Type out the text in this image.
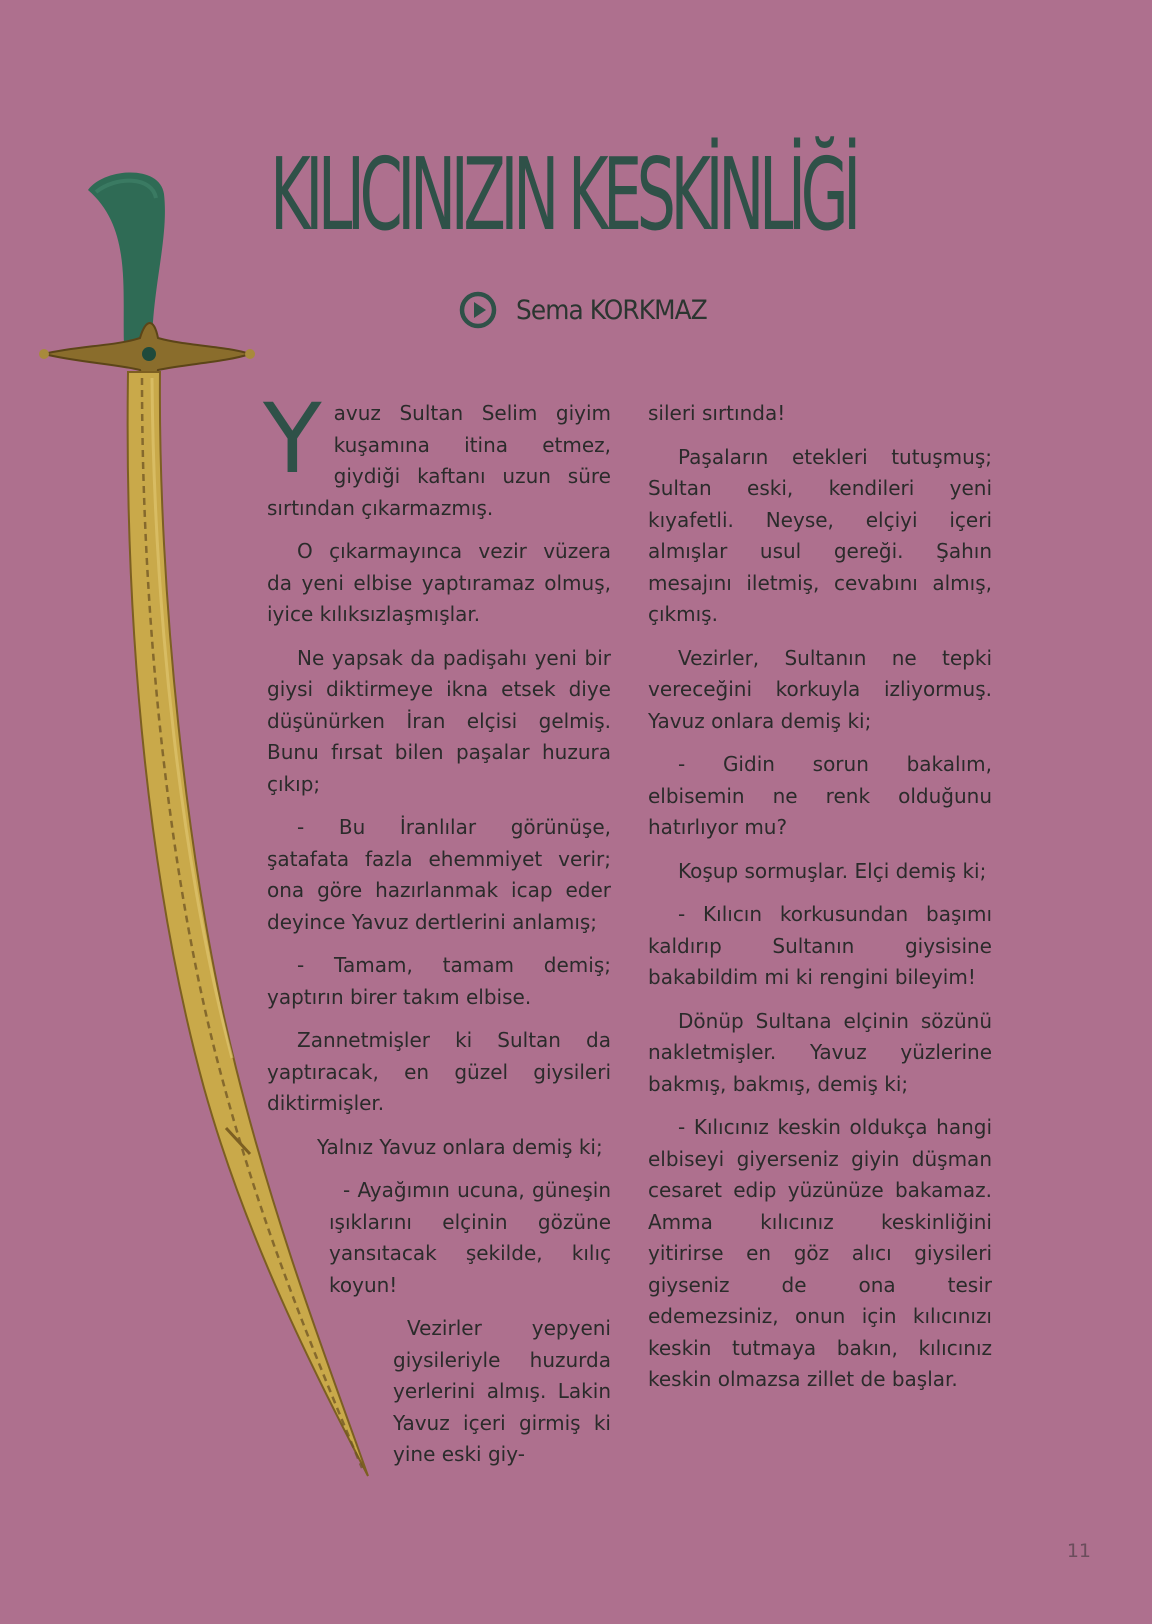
KILICINIZIN KESKİNLİĞİ
Sema KORKMAZ

Yavuz Sultan Selim giyim kuşamına itina etmez, giydiği kaftanı uzun süre sırtından çıkarmazmış.

O çıkarmayınca vezir vüzera da yeni elbise yaptıramaz olmuş, iyice kılıksızlaşmışlar.

Ne yapsak da padişahı yeni bir giysi diktirmeye ikna etsek diye düşünürken İran elçisi gelmiş. Bunu fırsat bilen paşalar huzura çıkıp;

- Bu İranlılar görünüşe, şatafata fazla ehemmiyet verir; ona göre hazırlanmak icap eder deyince Yavuz dertlerini anlamış;

- Tamam, tamam demiş; yaptırın birer takım elbise.

Zannetmişler ki Sultan da yaptıracak, en güzel giysileri diktirmişler.

Yalnız Yavuz onlara demiş ki;

- Ayağımın ucuna, güneşin ışıklarını elçinin gözüne yansıtacak şekilde, kılıç koyun!

Vezirler yepyeni giysileriyle huzurda yerlerini almış. Lakin Yavuz içeri girmiş ki yine eski giy-

sileri sırtında!

Paşaların etekleri tutuşmuş; Sultan eski, kendileri yeni kıyafetli. Neyse, elçiyi içeri almışlar usul gereği. Şahın mesajını iletmiş, cevabını almış, çıkmış.

Vezirler, Sultanın ne tepki vereceğini korkuyla izliyormuş. Yavuz onlara demiş ki;

- Gidin sorun bakalım, elbisemin ne renk olduğunu hatırlıyor mu?

Koşup sormuşlar. Elçi demiş ki;

- Kılıcın korkusundan başımı kaldırıp Sultanın giysisine bakabildim mi ki rengini bileyim!

Dönüp Sultana elçinin sözünü nakletmişler. Yavuz yüzlerine bakmış, bakmış, demiş ki;

- Kılıcınız keskin oldukça hangi elbiseyi giyerseniz giyin düşman cesaret edip yüzünüze bakamaz. Amma kılıcınız keskinliğini yitirirse en göz alıcı giysileri giyseniz de ona tesir edemezsiniz, onun için kılıcınızı keskin tutmaya bakın, kılıcınız keskin olmazsa zillet de başlar.

11
